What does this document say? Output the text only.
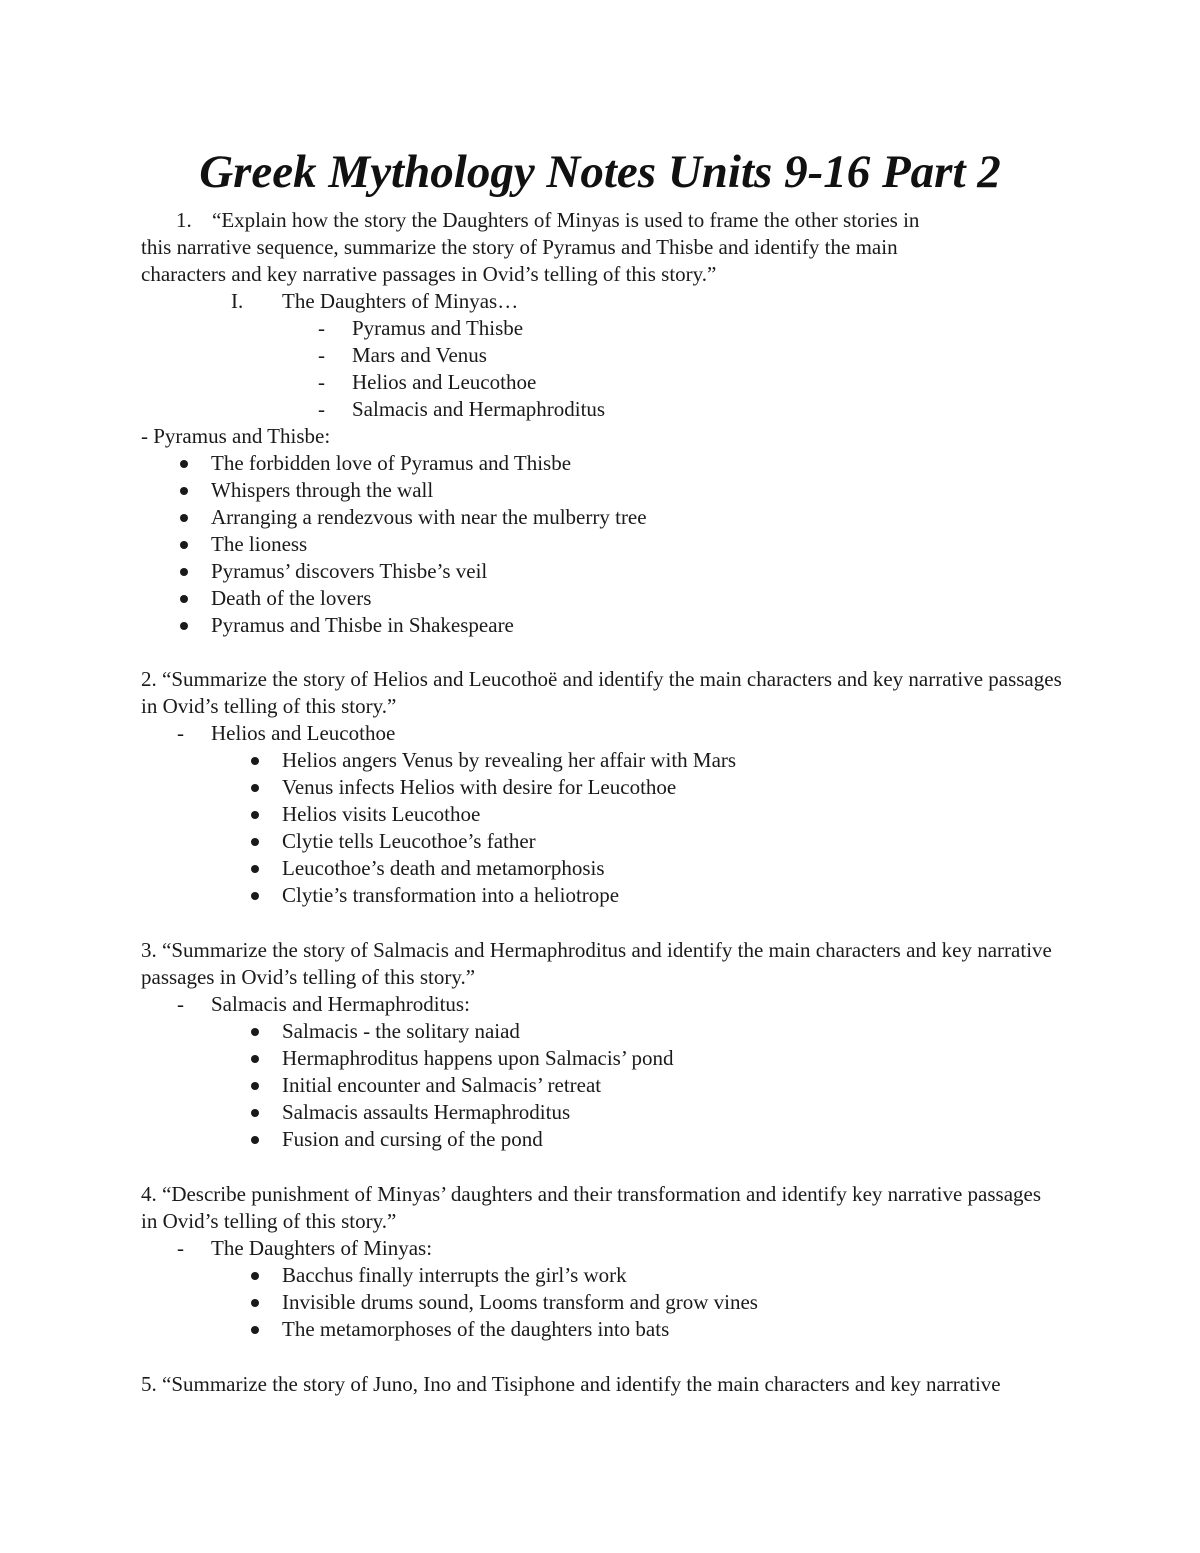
Greek Mythology Notes Units 9-16 Part 2
1. “Explain how the story the Daughters of Minyas is used to frame the other stories in
this narrative sequence, summarize the story of Pyramus and Thisbe and identify the main
characters and key narrative passages in Ovid’s telling of this story.”
I. The Daughters of Minyas…
- Pyramus and Thisbe
- Mars and Venus
- Helios and Leucothoe
- Salmacis and Hermaphroditus
- Pyramus and Thisbe:
The forbidden love of Pyramus and Thisbe
Whispers through the wall
Arranging a rendezvous with near the mulberry tree
The lioness
Pyramus’ discovers Thisbe’s veil
Death of the lovers
Pyramus and Thisbe in Shakespeare
2. “Summarize the story of Helios and Leucothoë and identify the main characters and key narrative passages
in Ovid’s telling of this story.”
- Helios and Leucothoe
Helios angers Venus by revealing her affair with Mars
Venus infects Helios with desire for Leucothoe
Helios visits Leucothoe
Clytie tells Leucothoe’s father
Leucothoe’s death and metamorphosis
Clytie’s transformation into a heliotrope
3. “Summarize the story of Salmacis and Hermaphroditus and identify the main characters and key narrative
passages in Ovid’s telling of this story.”
- Salmacis and Hermaphroditus:
Salmacis - the solitary naiad
Hermaphroditus happens upon Salmacis’ pond
Initial encounter and Salmacis’ retreat
Salmacis assaults Hermaphroditus
Fusion and cursing of the pond
4. “Describe punishment of Minyas’ daughters and their transformation and identify key narrative passages
in Ovid’s telling of this story.”
- The Daughters of Minyas:
Bacchus finally interrupts the girl’s work
Invisible drums sound, Looms transform and grow vines
The metamorphoses of the daughters into bats
5. “Summarize the story of Juno, Ino and Tisiphone and identify the main characters and key narrative
